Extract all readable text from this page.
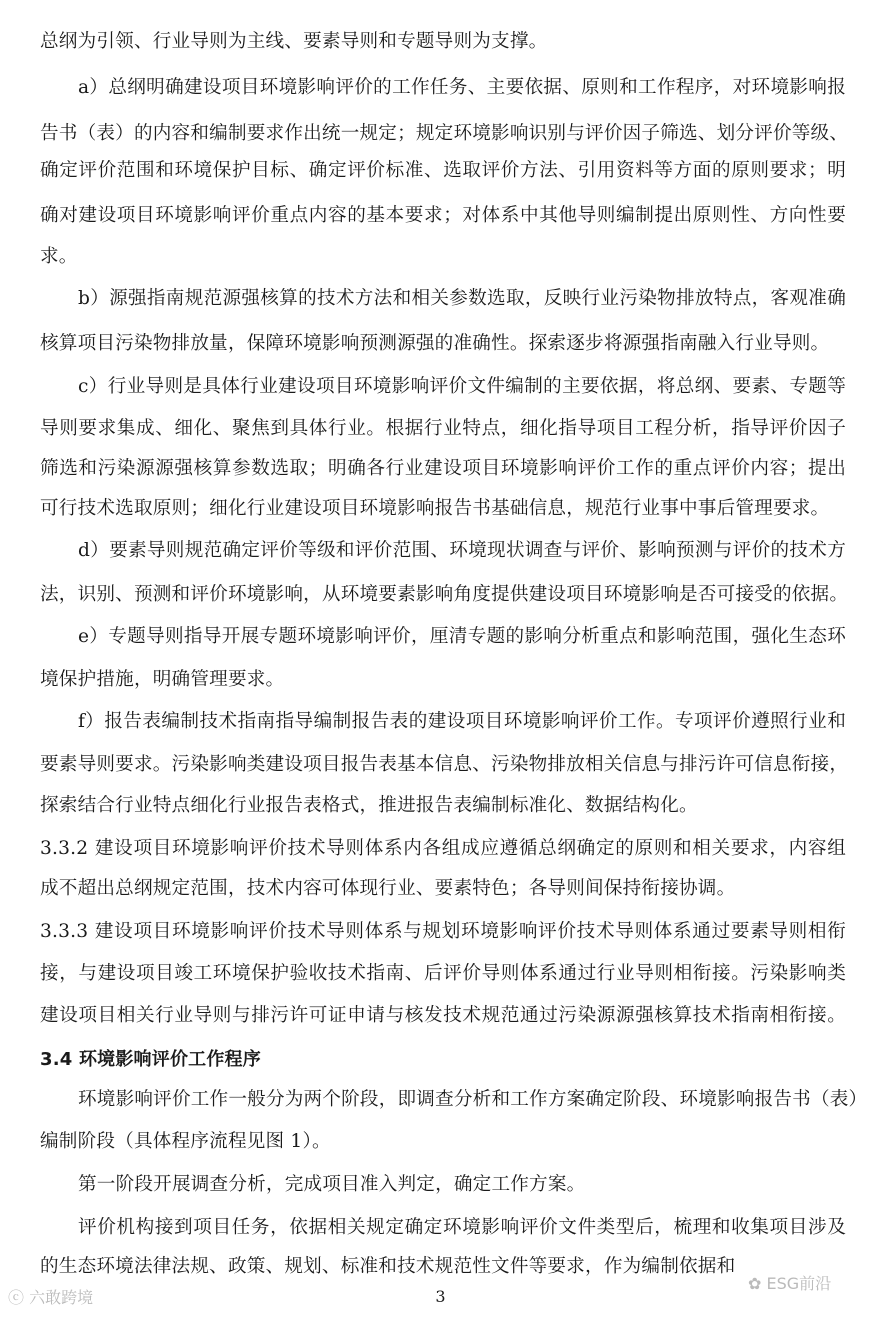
总纲为引领、行业导则为主线、要素导则和专题导则为支撑。
a）总纲明确建设项目环境影响评价的工作任务、主要依据、原则和工作程序，对环境影响报
告书（表）的内容和编制要求作出统一规定；规定环境影响识别与评价因子筛选、划分评价等级、
确定评价范围和环境保护目标、确定评价标准、选取评价方法、引用资料等方面的原则要求；明
确对建设项目环境影响评价重点内容的基本要求；对体系中其他导则编制提出原则性、方向性要
求。
b）源强指南规范源强核算的技术方法和相关参数选取，反映行业污染物排放特点，客观准确
核算项目污染物排放量，保障环境影响预测源强的准确性。探索逐步将源强指南融入行业导则。
c）行业导则是具体行业建设项目环境影响评价文件编制的主要依据，将总纲、要素、专题等
导则要求集成、细化、聚焦到具体行业。根据行业特点，细化指导项目工程分析，指导评价因子
筛选和污染源源强核算参数选取；明确各行业建设项目环境影响评价工作的重点评价内容；提出
可行技术选取原则；细化行业建设项目环境影响报告书基础信息，规范行业事中事后管理要求。
d）要素导则规范确定评价等级和评价范围、环境现状调查与评价、影响预测与评价的技术方
法，识别、预测和评价环境影响，从环境要素影响角度提供建设项目环境影响是否可接受的依据。
e）专题导则指导开展专题环境影响评价，厘清专题的影响分析重点和影响范围，强化生态环
境保护措施，明确管理要求。
f）报告表编制技术指南指导编制报告表的建设项目环境影响评价工作。专项评价遵照行业和
要素导则要求。污染影响类建设项目报告表基本信息、污染物排放相关信息与排污许可信息衔接，
探索结合行业特点细化行业报告表格式，推进报告表编制标准化、数据结构化。
3.3.2 建设项目环境影响评价技术导则体系内各组成应遵循总纲确定的原则和相关要求，内容组
成不超出总纲规定范围，技术内容可体现行业、要素特色；各导则间保持衔接协调。
3.3.3 建设项目环境影响评价技术导则体系与规划环境影响评价技术导则体系通过要素导则相衔
接，与建设项目竣工环境保护验收技术指南、后评价导则体系通过行业导则相衔接。污染影响类
建设项目相关行业导则与排污许可证申请与核发技术规范通过污染源源强核算技术指南相衔接。
3.4 环境影响评价工作程序
环境影响评价工作一般分为两个阶段，即调查分析和工作方案确定阶段、环境影响报告书（表）
编制阶段（具体程序流程见图 1）。
第一阶段开展调查分析，完成项目准入判定，确定工作方案。
评价机构接到项目任务，依据相关规定确定环境影响评价文件类型后，梳理和收集项目涉及
的生态环境法律法规、政策、规划、标准和技术规范性文件等要求，作为编制依据和
3
ⓒ 六敢跨境
✿ ESG前沿
